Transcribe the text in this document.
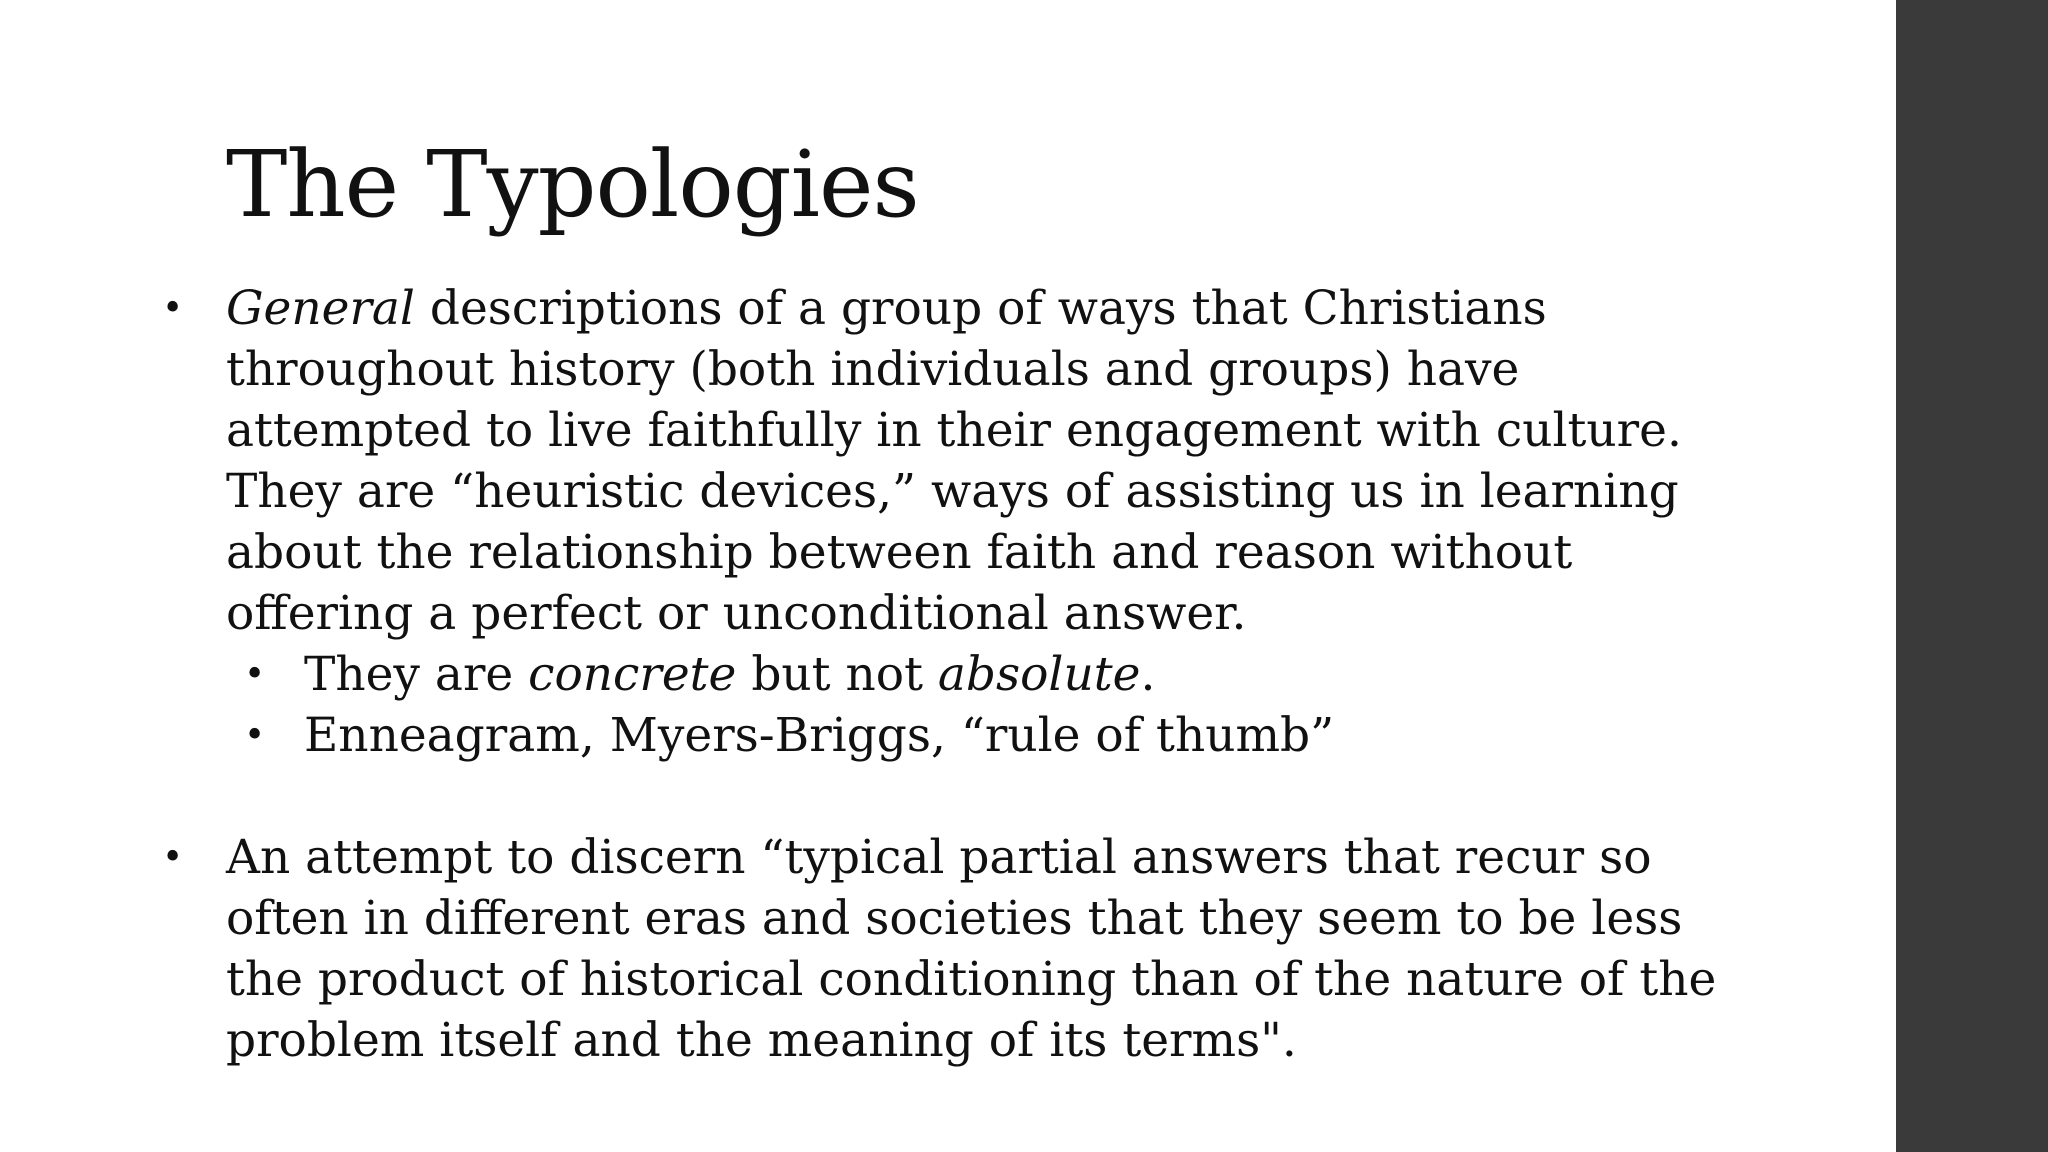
The Typologies
• General descriptions of a group of ways that Christians throughout history (both individuals and groups) have attempted to live faithfully in their engagement with culture. They are “heuristic devices,” ways of assisting us in learning about the relationship between faith and reason without offering a perfect or unconditional answer.
• They are concrete but not absolute.
• Enneagram, Myers-Briggs, “rule of thumb”
• An attempt to discern “typical partial answers that recur so often in different eras and societies that they seem to be less the product of historical conditioning than of the nature of the problem itself and the meaning of its terms".
